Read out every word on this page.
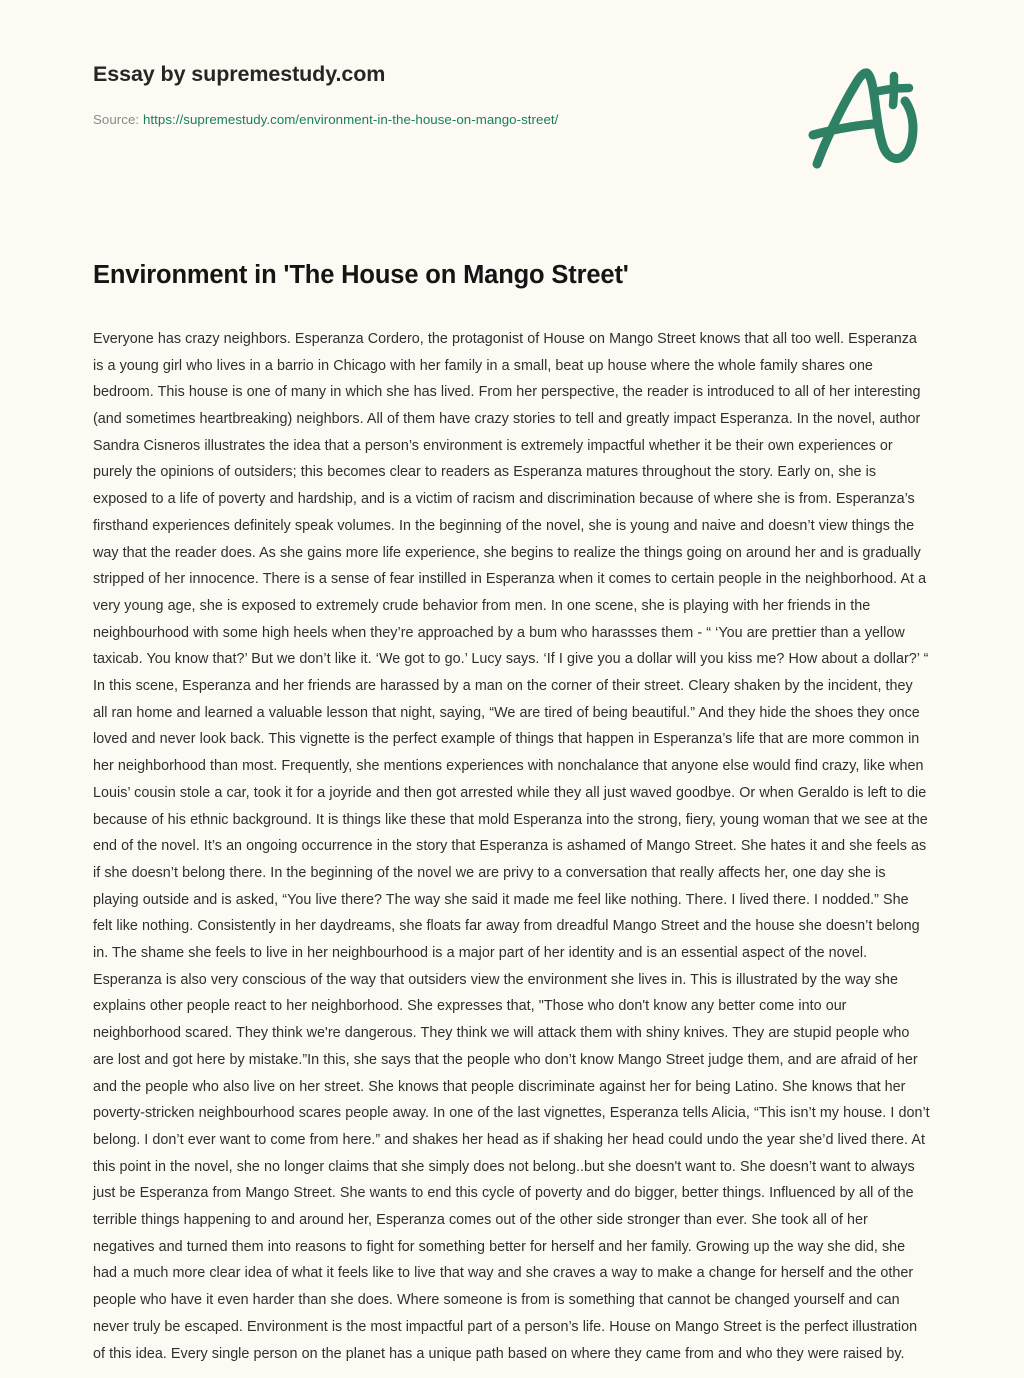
Essay by supremestudy.com
Source: https://supremestudy.com/environment-in-the-house-on-mango-street/
Environment in 'The House on Mango Street'

Everyone has crazy neighbors. Esperanza Cordero, the protagonist of House on Mango Street knows that all too well. Esperanza is a young girl who lives in a barrio in Chicago with her family in a small, beat up house where the whole family shares one bedroom. This house is one of many in which she has lived. From her perspective, the reader is introduced to all of her interesting (and sometimes heartbreaking) neighbors. All of them have crazy stories to tell and greatly impact Esperanza. In the novel, author Sandra Cisneros illustrates the idea that a person’s environment is extremely impactful whether it be their own experiences or purely the opinions of outsiders; this becomes clear to readers as Esperanza matures throughout the story. Early on, she is exposed to a life of poverty and hardship, and is a victim of racism and discrimination because of where she is from. Esperanza’s firsthand experiences definitely speak volumes. In the beginning of the novel, she is young and naive and doesn’t view things the way that the reader does. As she gains more life experience, she begins to realize the things going on around her and is gradually stripped of her innocence. There is a sense of fear instilled in Esperanza when it comes to certain people in the neighborhood. At a very young age, she is exposed to extremely crude behavior from men. In one scene, she is playing with her friends in the neighbourhood with some high heels when they’re approached by a bum who harassses them - “ ‘You are prettier than a yellow taxicab. You know that?’ But we don’t like it. ‘We got to go.’ Lucy says. ‘If I give you a dollar will you kiss me? How about a dollar?’ “ In this scene, Esperanza and her friends are harassed by a man on the corner of their street. Cleary shaken by the incident, they all ran home and learned a valuable lesson that night, saying, “We are tired of being beautiful.” And they hide the shoes they once loved and never look back. This vignette is the perfect example of things that happen in Esperanza’s life that are more common in her neighborhood than most. Frequently, she mentions experiences with nonchalance that anyone else would find crazy, like when Louis’ cousin stole a car, took it for a joyride and then got arrested while they all just waved goodbye. Or when Geraldo is left to die because of his ethnic background. It is things like these that mold Esperanza into the strong, fiery, young woman that we see at the end of the novel. It’s an ongoing occurrence in the story that Esperanza is ashamed of Mango Street. She hates it and she feels as if she doesn’t belong there. In the beginning of the novel we are privy to a conversation that really affects her, one day she is playing outside and is asked, “You live there? The way she said it made me feel like nothing. There. I lived there. I nodded.” She felt like nothing. Consistently in her daydreams, she floats far away from dreadful Mango Street and the house she doesn’t belong in. The shame she feels to live in her neighbourhood is a major part of her identity and is an essential aspect of the novel. Esperanza is also very conscious of the way that outsiders view the environment she lives in. This is illustrated by the way she explains other people react to her neighborhood. She expresses that, "Those who don't know any better come into our neighborhood scared. They think we're dangerous. They think we will attack them with shiny knives. They are stupid people who are lost and got here by mistake.”In this, she says that the people who don’t know Mango Street judge them, and are afraid of her and the people who also live on her street. She knows that people discriminate against her for being Latino. She knows that her poverty-stricken neighbourhood scares people away. In one of the last vignettes, Esperanza tells Alicia, “This isn’t my house. I don’t belong. I don’t ever want to come from here.” and shakes her head as if shaking her head could undo the year she’d lived there. At this point in the novel, she no longer claims that she simply does not belong..but she doesn't want to. She doesn’t want to always just be Esperanza from Mango Street. She wants to end this cycle of poverty and do bigger, better things. Influenced by all of the terrible things happening to and around her, Esperanza comes out of the other side stronger than ever. She took all of her negatives and turned them into reasons to fight for something better for herself and her family. Growing up the way she did, she had a much more clear idea of what it feels like to live that way and she craves a way to make a change for herself and the other people who have it even harder than she does. Where someone is from is something that cannot be changed yourself and can never truly be escaped. Environment is the most impactful part of a person’s life. House on Mango Street is the perfect illustration of this idea. Every single person on the planet has a unique path based on where they came from and who they were raised by.
